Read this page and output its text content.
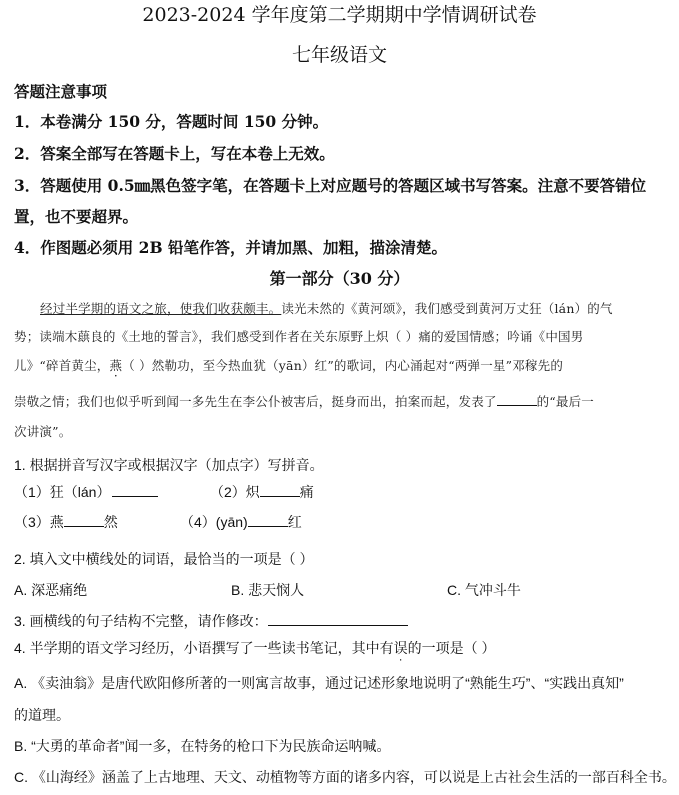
2023-2024 学年度第二学期期中学情调研试卷
七年级语文
答题注意事项
1．本卷满分 150 分，答题时间 150 分钟。
2．答案全部写在答题卡上，写在本卷上无效。
3．答题使用 0.5㎜黑色签字笔，在答题卡上对应题号的答题区域书写答案。注意不要答错位
置，也不要超界。
4．作图题必须用 2B 铅笔作答，并请加黑、加粗，描涂清楚。
第一部分（30 分）
经过半学期的语文之旅，使我们收获颇丰。读光未然的《黄河颂》，我们感受到黄河万丈狂（lán）的气
势；读端木蕻良的《土地的誓言》，我们感受到作者在关东原野上炽（ ）痛的爱国情感；吟诵《中国男
儿》“碎首黄尘，燕（ ）然勒功，至今热血犹（yān）红”的歌词，内心涌起对“两弹一星”邓稼先的
崇敬之情；我们也似乎听到闻一多先生在李公仆被害后，挺身而出，拍案而起，发表了	的“最后一
次讲演”。
1. 根据拼音写汉字或根据汉字（加点字）写拼音。
（1）狂（lán）	（2）炽	痛
（3）燕	然	（4）(yān)	红
2. 填入文中横线处的词语，最恰当的一项是（ ）
A. 深恶痛绝	B. 悲天悯人	C. 气冲斗牛
3. 画横线的句子结构不完整，请作修改：
4. 半学期的语文学习经历，小语撰写了一些读书笔记，其中有误的一项是（ ）
A. 《卖油翁》是唐代欧阳修所著的一则寓言故事，通过记述形象地说明了“熟能生巧”、“实践出真知”
的道理。
B. “大勇的革命者”闻一多，在特务的枪口下为民族命运呐喊。
C. 《山海经》涵盖了上古地理、天文、动植物等方面的诸多内容，可以说是上古社会生活的一部百科全书。
